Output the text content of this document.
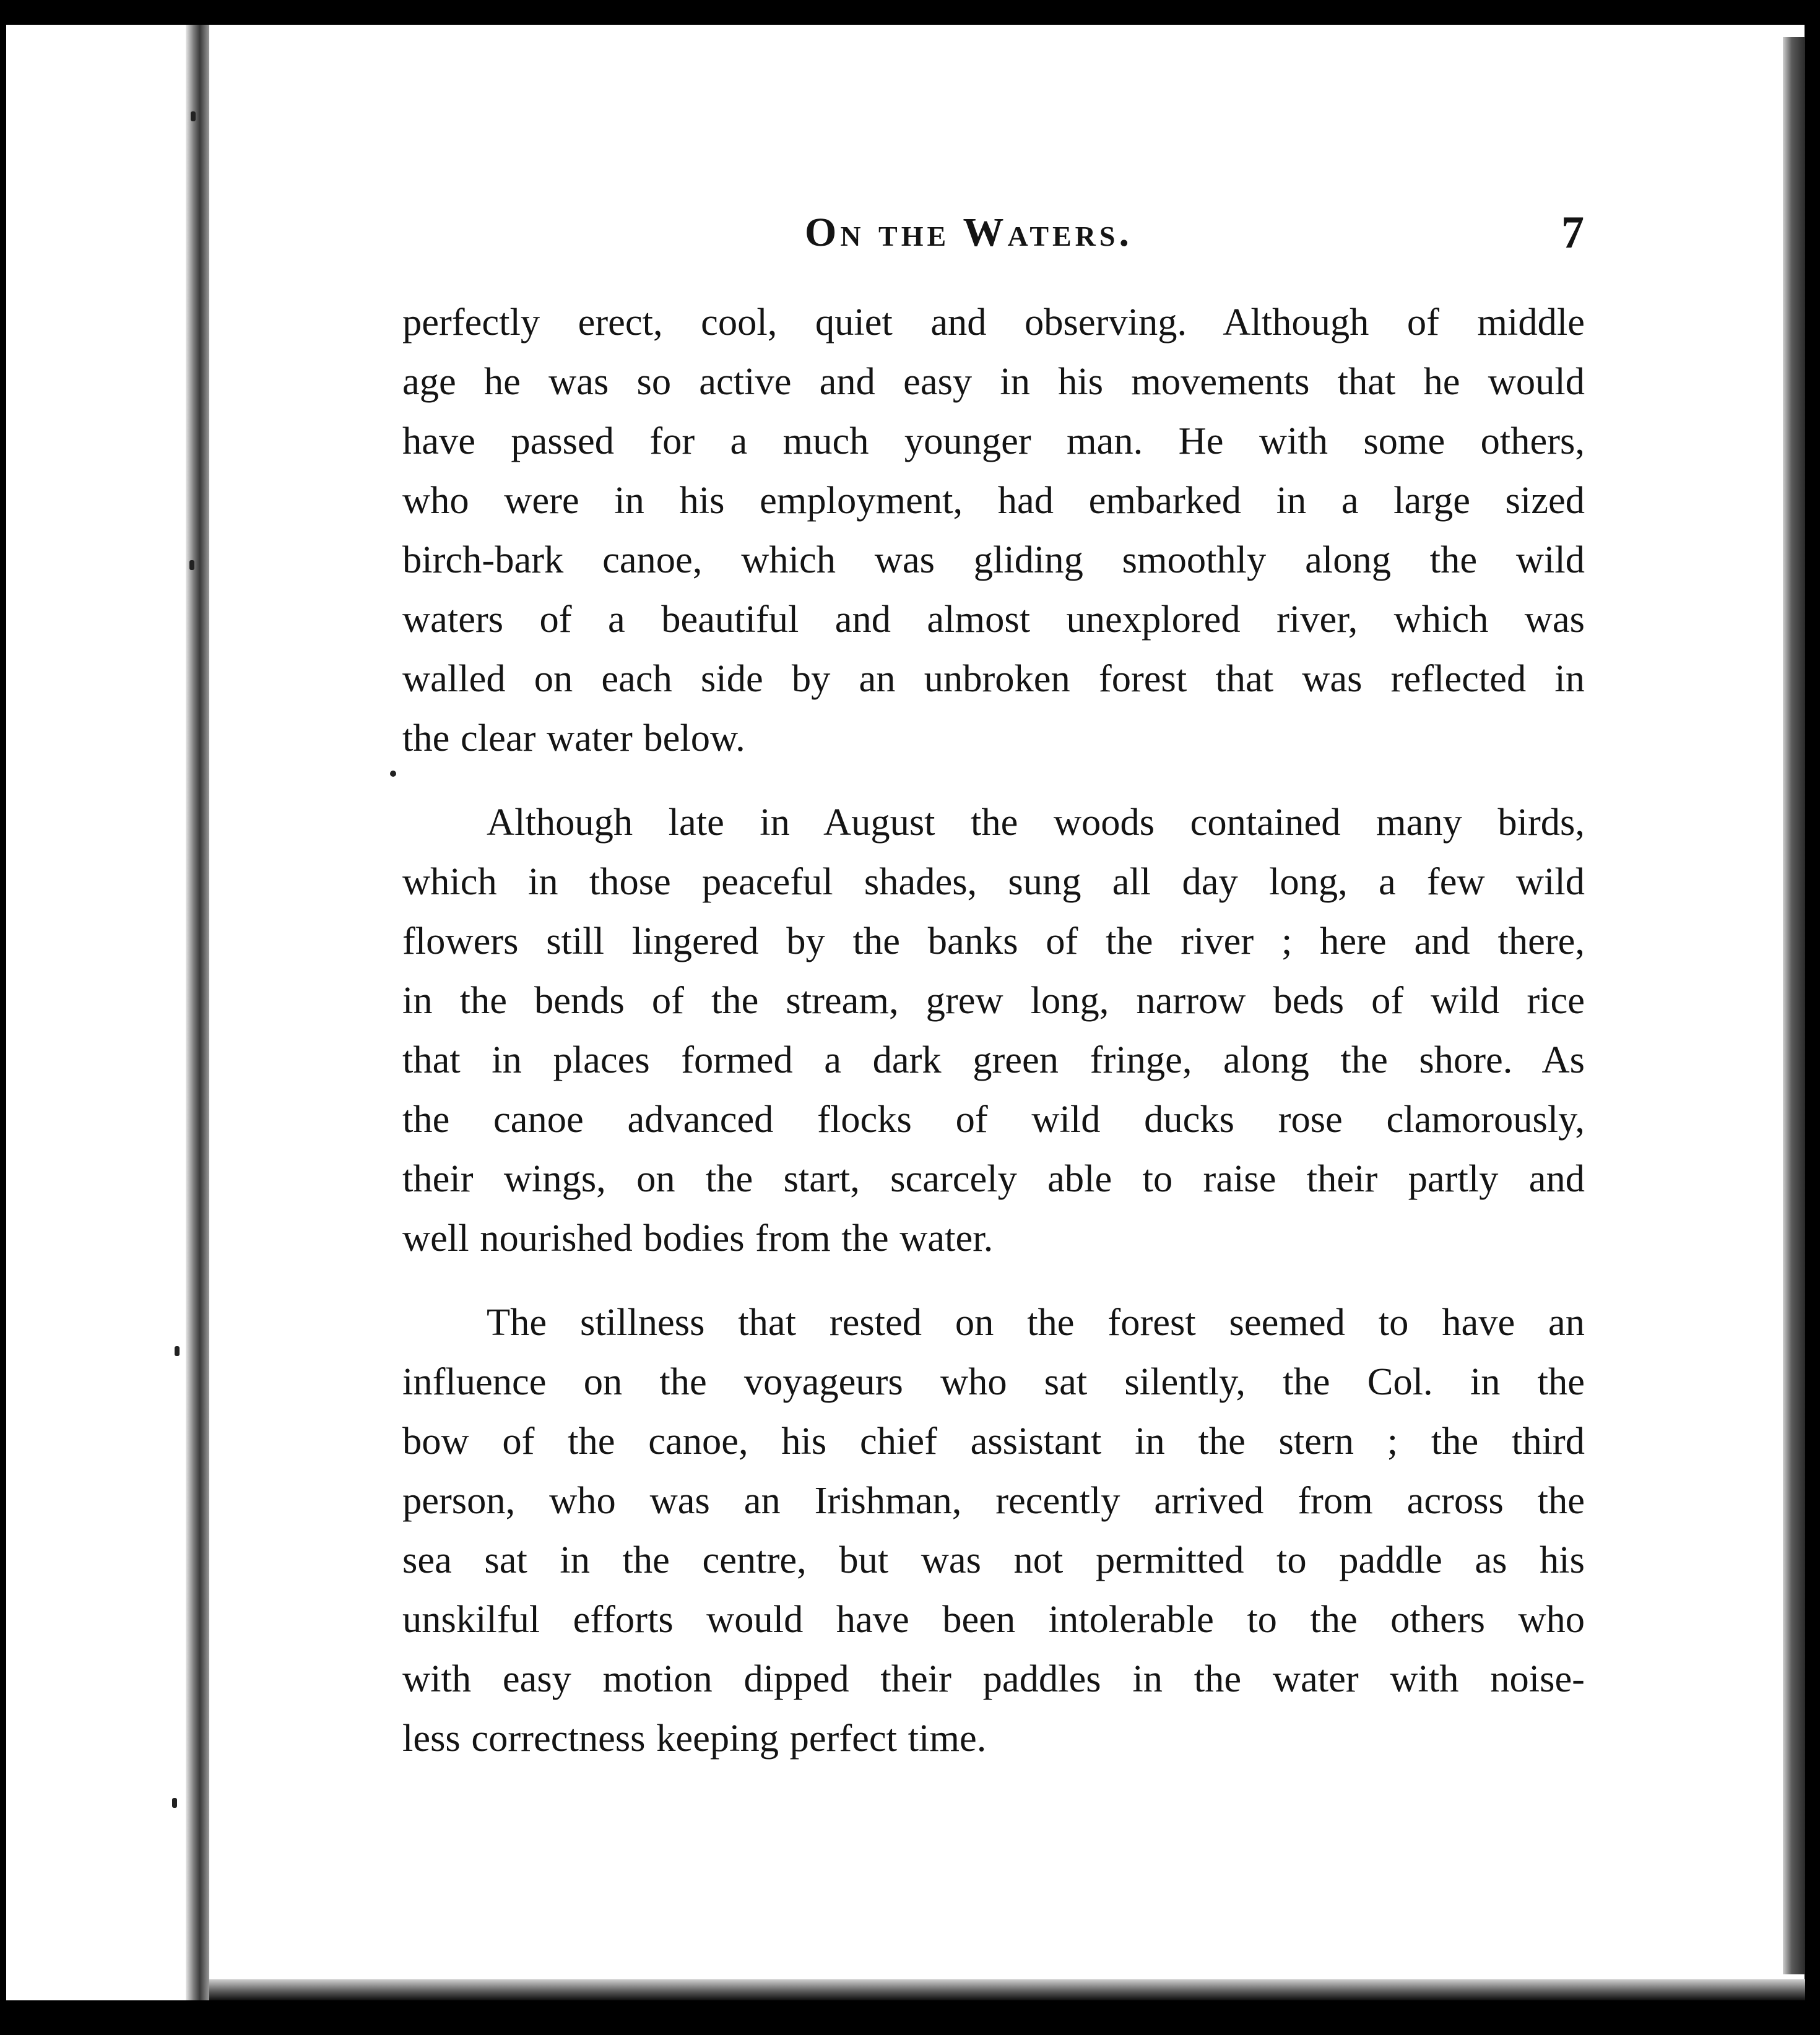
On the Waters.	7

perfectly erect, cool, quiet and observing. Although of middle
age he was so active and easy in his movements that he would
have passed for a much younger man. He with some others,
who were in his employment, had embarked in a large sized
birch-bark canoe, which was gliding smoothly along the wild
waters of a beautiful and almost unexplored river, which was
walled on each side by an unbroken forest that was reflected in
the clear water below.

Although late in August the woods contained many birds,
which in those peaceful shades, sung all day long, a few wild
flowers still lingered by the banks of the river ; here and there,
in the bends of the stream, grew long, narrow beds of wild rice
that in places formed a dark green fringe, along the shore. As
the canoe advanced flocks of wild ducks rose clamorously,
their wings, on the start, scarcely able to raise their partly and
well nourished bodies from the water.

The stillness that rested on the forest seemed to have an
influence on the voyageurs who sat silently, the Col. in the
bow of the canoe, his chief assistant in the stern ; the third
person, who was an Irishman, recently arrived from across the
sea sat in the centre, but was not permitted to paddle as his
unskilful efforts would have been intolerable to the others who
with easy motion dipped their paddles in the water with noise-
less correctness keeping perfect time.
